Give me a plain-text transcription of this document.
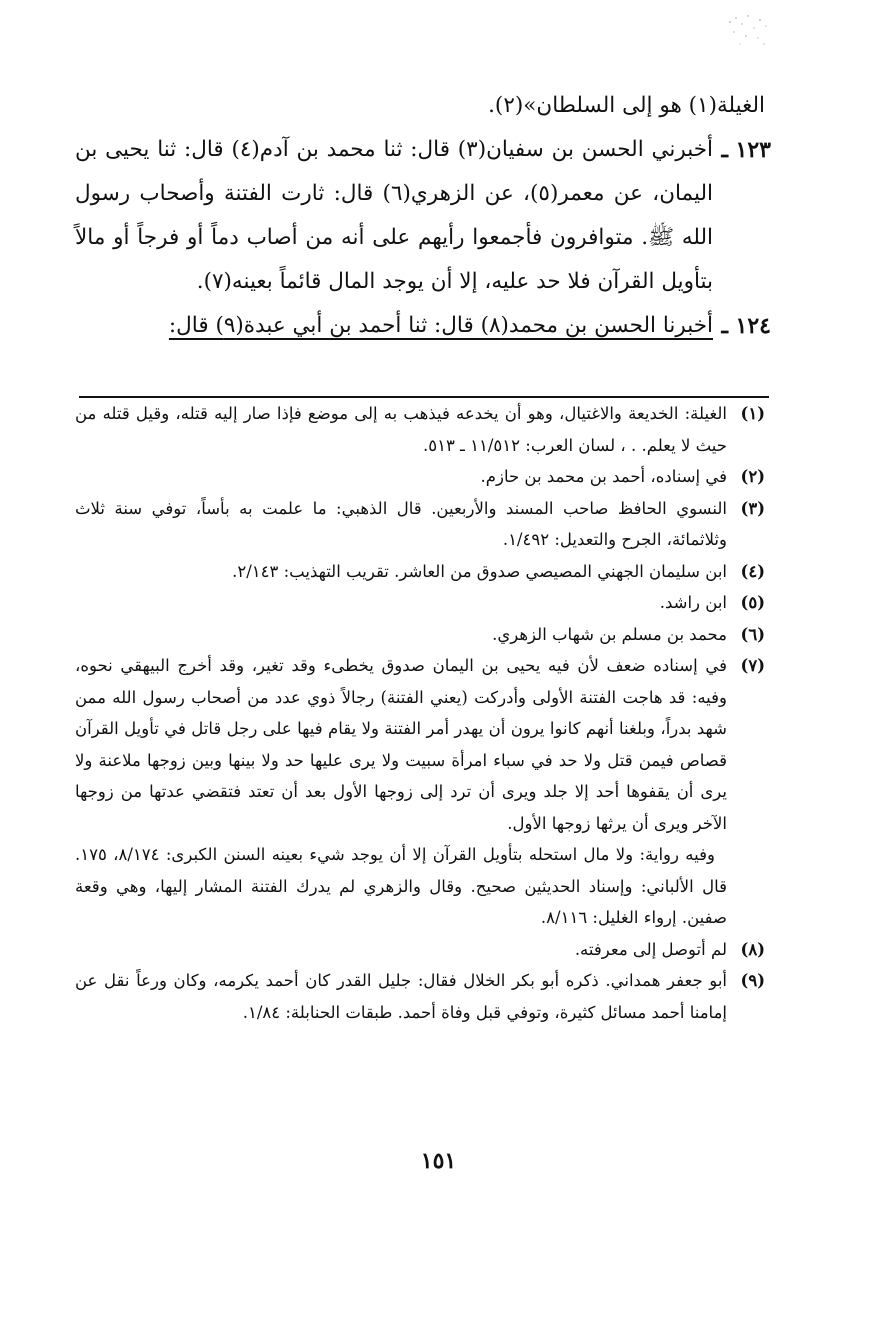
الغيلة(١) هو إلى السلطان»(٢).

١٢٣ ـ
أخبرني الحسن بن سفيان(٣) قال: ثنا محمد بن آدم(٤) قال: ثنا يحيى بن اليمان، عن معمر(٥)، عن الزهري(٦) قال: ثارت الفتنة وأصحاب رسول الله ﷺ. متوافرون فأجمعوا رأيهم على أنه من أصاب دماً أو فرجاً أو مالاً بتأويل القرآن فلا حد عليه، إلا أن يوجد المال قائماً بعينه(٧).
١٢٤ ـ
أخبرنا الحسن بن محمد(٨) قال: ثنا أحمد بن أبي عبدة(٩) قال:

(١)
الغيلة: الخديعة والاغتيال، وهو أن يخدعه فيذهب به إلى موضع فإذا صار إليه قتله، وقيل قتله من حيث لا يعلم. . ، لسان العرب: ١١/٥١٢ ـ ٥١٣.

(٢)
في إسناده، أحمد بن محمد بن حازم.

(٣)
النسوي الحافظ صاحب المسند والأربعين. قال الذهبي: ما علمت به بأساً، توفي سنة ثلاث وثلاثمائة، الجرح والتعديل: ١/٤٩٢.

(٤)
ابن سليمان الجهني المصيصي صدوق من العاشر. تقريب التهذيب: ٢/١٤٣.

(٥)
ابن راشد.

(٦)
محمد بن مسلم بن شهاب الزهري.

(٧)
في إسناده ضعف لأن فيه يحيى بن اليمان صدوق يخطىء وقد تغير، وقد أخرج البيهقي نحوه، وفيه: قد هاجت الفتنة الأولى وأدركت (يعني الفتنة) رجالاً ذوي عدد من أصحاب رسول الله ممن شهد بدراً، وبلغنا أنهم كانوا يرون أن يهدر أمر الفتنة ولا يقام فيها على رجل قاتل في تأويل القرآن قصاص فيمن قتل ولا حد في سباء امرأة سبيت ولا يرى عليها حد ولا بينها وبين زوجها ملاعنة ولا يرى أن يقفوها أحد إلا جلد ويرى أن ترد إلى زوجها الأول بعد أن تعتد فتقضي عدتها من زوجها الآخر ويرى أن يرثها زوجها الأول.

وفيه رواية: ولا مال استحله بتأويل القرآن إلا أن يوجد شيء بعينه السنن الكبرى: ٨/١٧٤، ١٧٥. قال الألباني: وإسناد الحديثين صحيح. وقال والزهري لم يدرك الفتنة المشار إليها، وهي وقعة صفين. إرواء الغليل: ٨/١١٦.

(٨)
لم أتوصل إلى معرفته.

(٩)
أبو جعفر همداني. ذكره أبو بكر الخلال فقال: جليل القدر كان أحمد يكرمه، وكان ورعاً نقل عن إمامنا أحمد مسائل كثيرة، وتوفي قبل وفاة أحمد. طبقات الحنابلة: ١/٨٤.

١٥١
